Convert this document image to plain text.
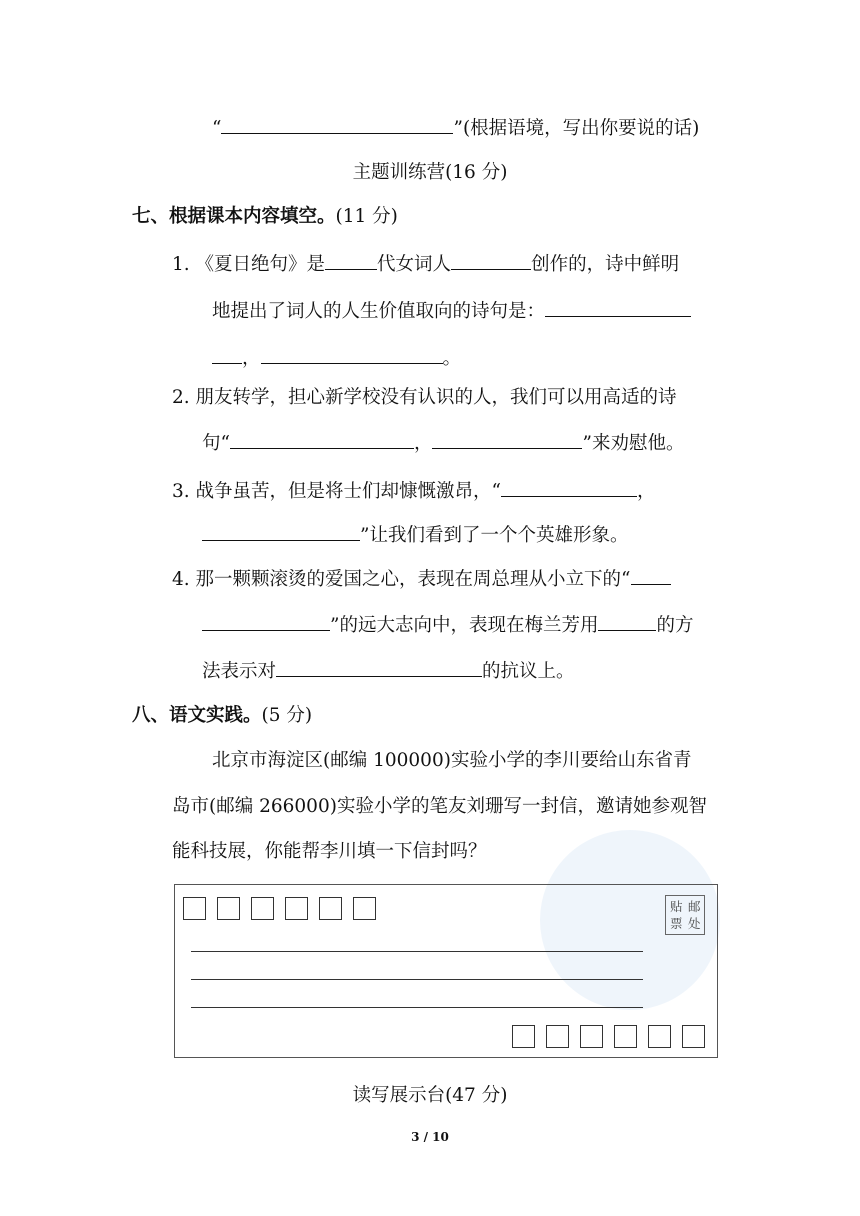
“	”(根据语境，写出你要说的话)
主题训练营(16 分)
七、根据课本内容填空。(11 分)
1. 《夏日绝句》是	代女词人	创作的，诗中鲜明
地提出了词人的人生价值取向的诗句是：
，	。
2. 朋友转学，担心新学校没有认识的人，我们可以用高适的诗
句“	，	”来劝慰他。
3. 战争虽苦，但是将士们却慷慨激昂，“	，
”让我们看到了一个个英雄形象。
4. 那一颗颗滚烫的爱国之心，表现在周总理从小立下的“
”的远大志向中，表现在梅兰芳用	的方
法表示对	的抗议上。
八、语文实践。(5 分)
北京市海淀区(邮编 100000)实验小学的李川要给山东省青
岛市(邮编 266000)实验小学的笔友刘珊写一封信，邀请她参观智
能科技展，你能帮李川填一下信封吗？
贴
票
邮
处
读写展示台(47 分)
3 / 10
